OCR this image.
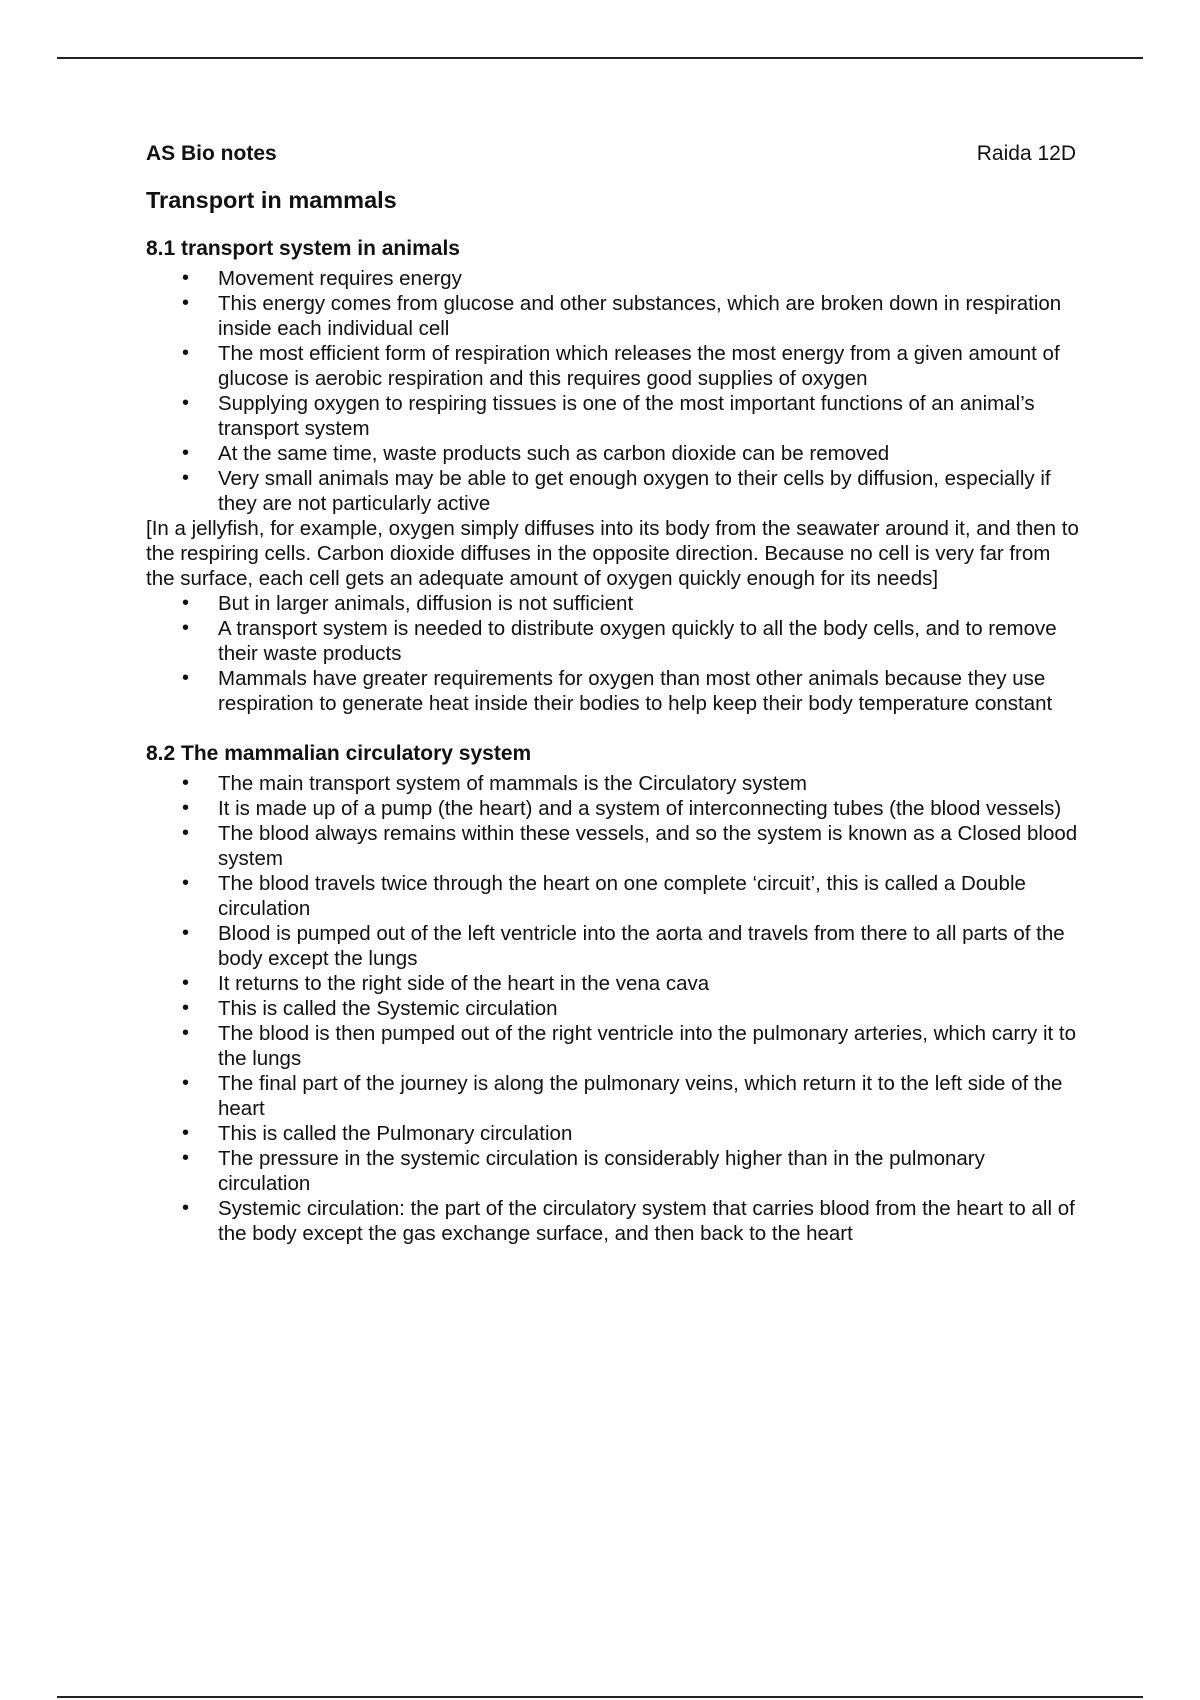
AS Bio notes	Raida 12D
Transport in mammals
8.1 transport system in animals
• Movement requires energy
• This energy comes from glucose and other substances, which are broken down in respiration inside each individual cell
• The most efficient form of respiration which releases the most energy from a given amount of glucose is aerobic respiration and this requires good supplies of oxygen
• Supplying oxygen to respiring tissues is one of the most important functions of an animal’s transport system
• At the same time, waste products such as carbon dioxide can be removed
• Very small animals may be able to get enough oxygen to their cells by diffusion, especially if they are not particularly active

[In a jellyfish, for example, oxygen simply diffuses into its body from the seawater around it, and then to the respiring cells. Carbon dioxide diffuses in the opposite direction. Because no cell is very far from the surface, each cell gets an adequate amount of oxygen quickly enough for its needs]

• But in larger animals, diffusion is not sufficient
• A transport system is needed to distribute oxygen quickly to all the body cells, and to remove their waste products
• Mammals have greater requirements for oxygen than most other animals because they use respiration to generate heat inside their bodies to help keep their body temperature constant
8.2 The mammalian circulatory system
• The main transport system of mammals is the Circulatory system
• It is made up of a pump (the heart) and a system of interconnecting tubes (the blood vessels)
• The blood always remains within these vessels, and so the system is known as a Closed blood system
• The blood travels twice through the heart on one complete ‘circuit’, this is called a Double circulation
• Blood is pumped out of the left ventricle into the aorta and travels from there to all parts of the body except the lungs
• It returns to the right side of the heart in the vena cava
• This is called the Systemic circulation
• The blood is then pumped out of the right ventricle into the pulmonary arteries, which carry it to the lungs
• The final part of the journey is along the pulmonary veins, which return it to the left side of the heart
• This is called the Pulmonary circulation
• The pressure in the systemic circulation is considerably higher than in the pulmonary circulation
• Systemic circulation: the part of the circulatory system that carries blood from the heart to all of the body except the gas exchange surface, and then back to the heart
